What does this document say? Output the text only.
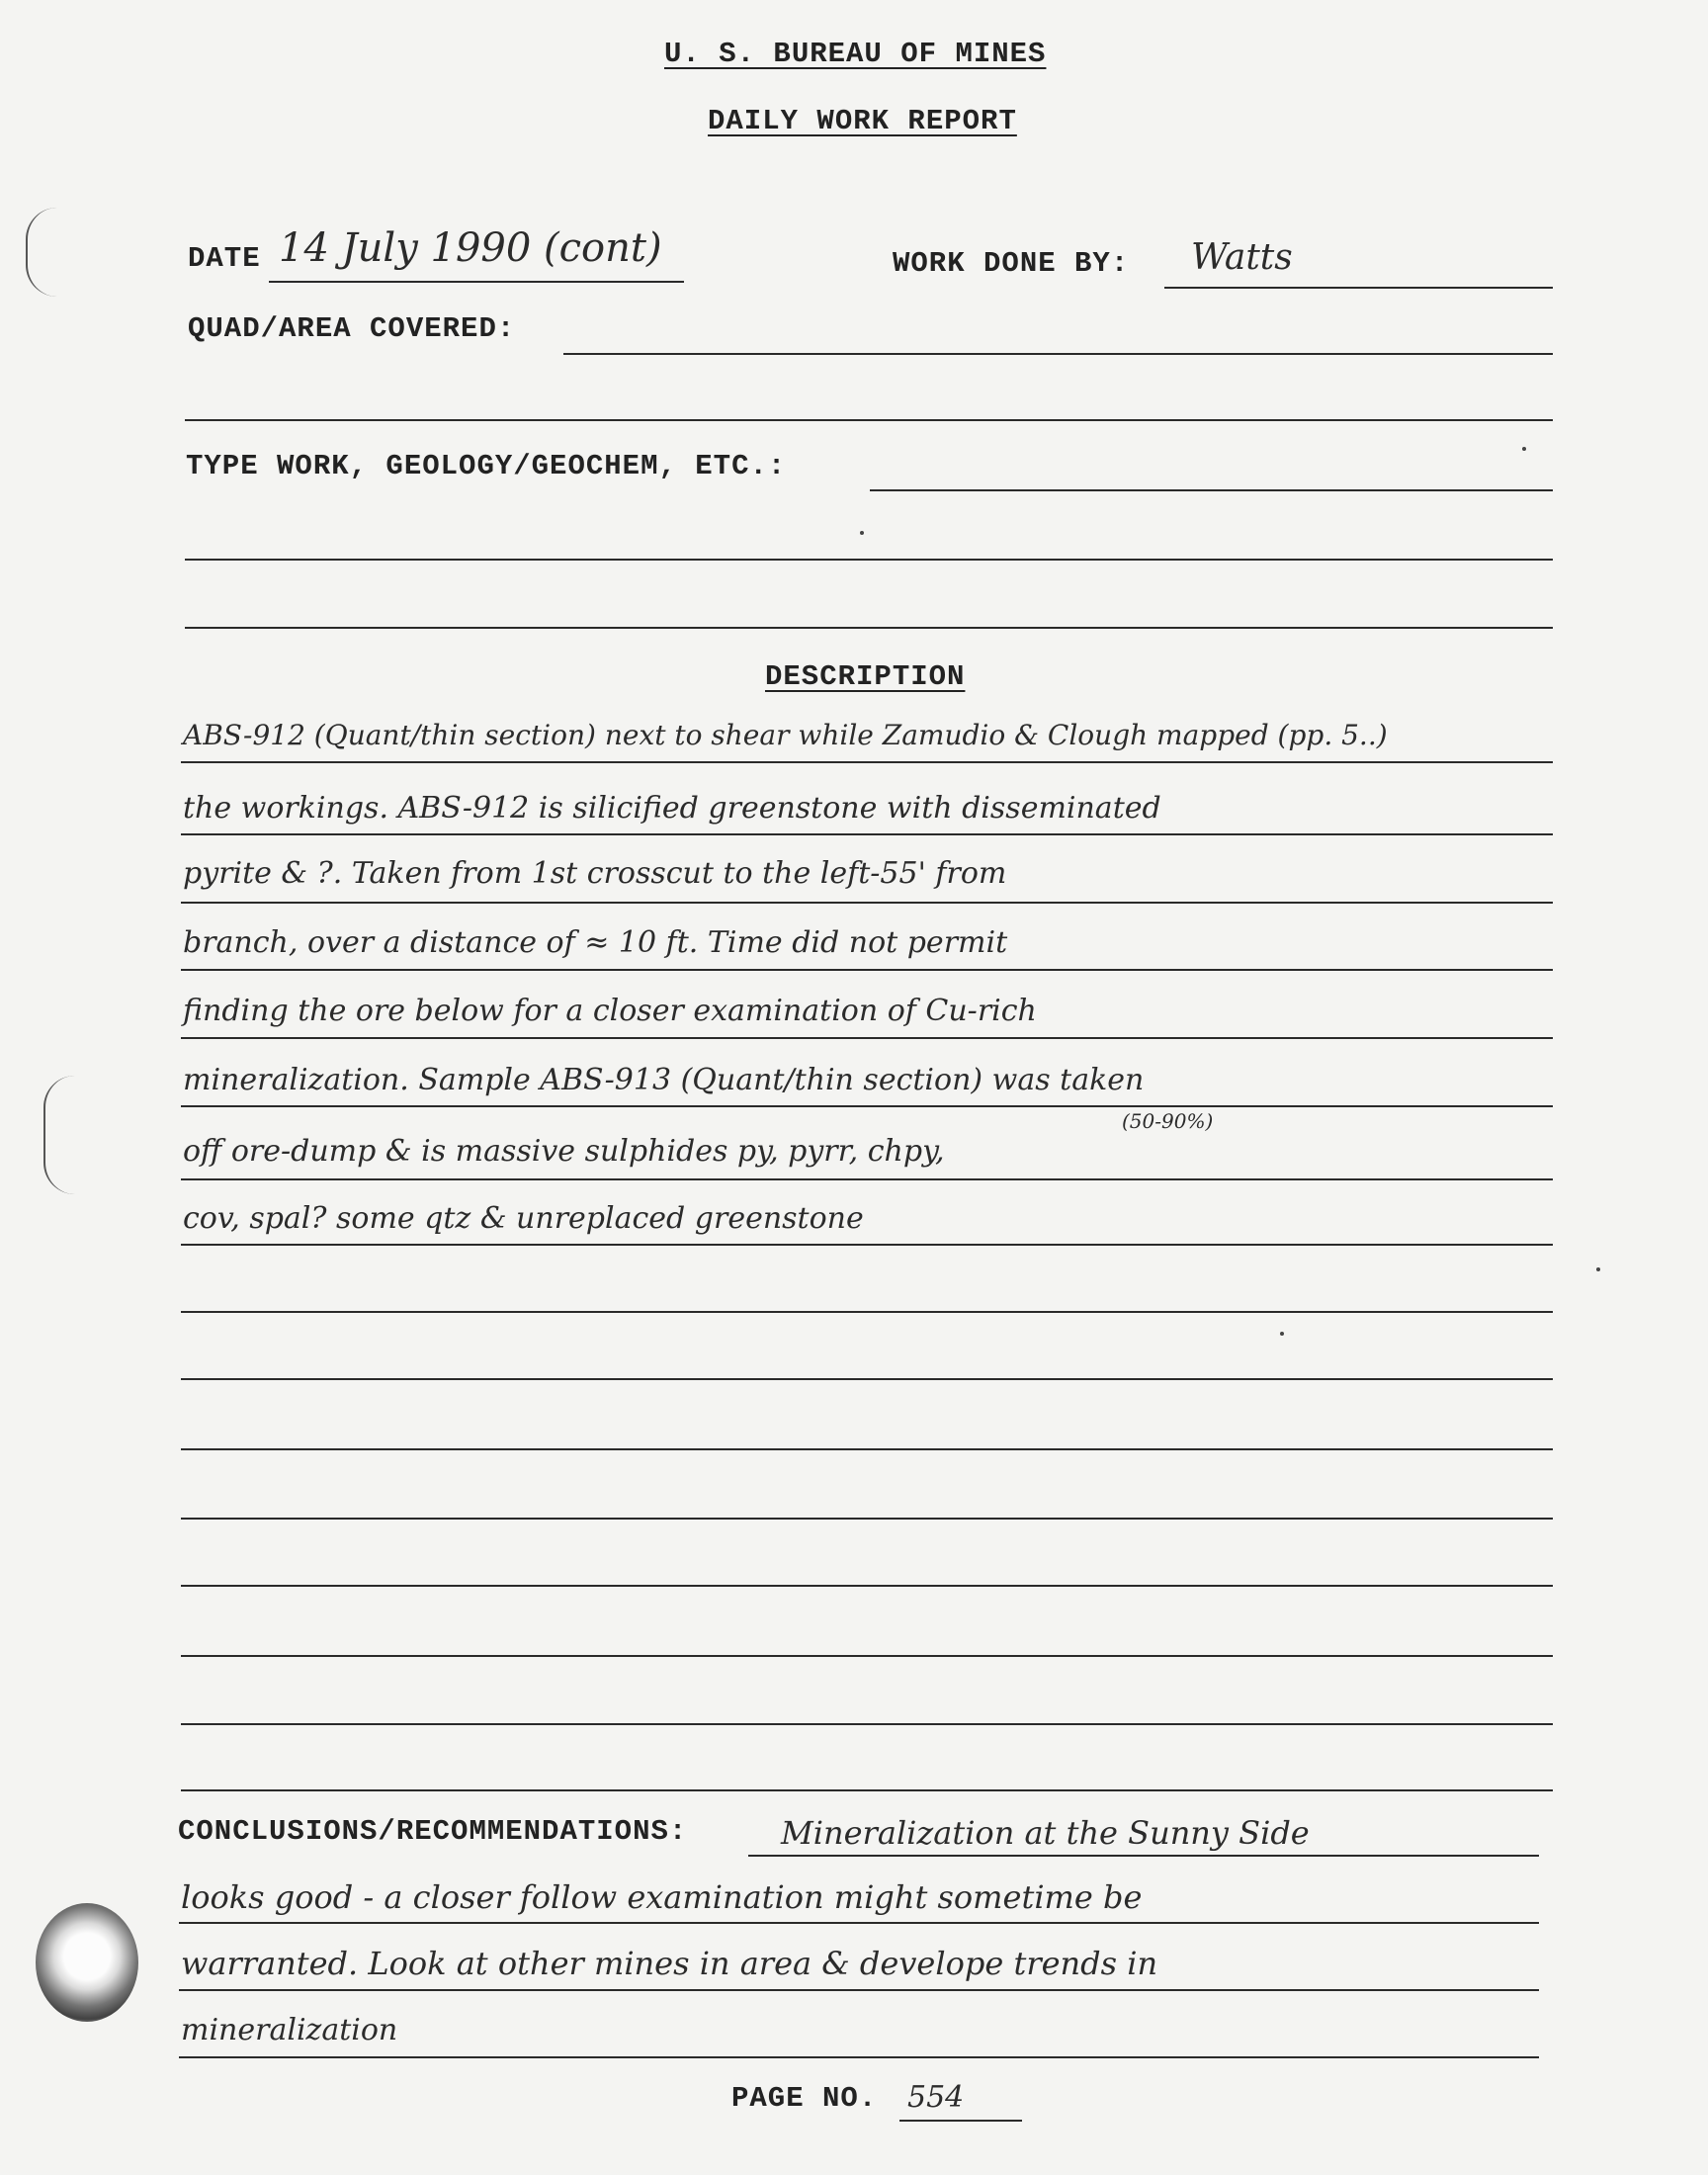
U. S. BUREAU OF MINES
DAILY WORK REPORT
DATE 14 July 1990 (cont)	WORK DONE BY: Watts
QUAD/AREA COVERED:
TYPE WORK, GEOLOGY/GEOCHEM, ETC.:
DESCRIPTION
ABS-912 (Quant/thin section) next to shear while Zamudio & Clough mapped (pp. 5..)
the workings. ABS-912 is silicified greenstone with disseminated
pyrite & ?. Taken from 1st crosscut to the left-55' from
branch, over a distance of ≈ 10 ft. Time did not permit
finding the ore below for a closer examination of Cu-rich
mineralization. Sample ABS-913 (Quant/thin section) was taken
(50-90%)
off ore-dump & is massive sulphides py, pyrr, chpy,
cov, spal? some qtz & unreplaced greenstone
CONCLUSIONS/RECOMMENDATIONS:	Mineralization at the Sunny Side
looks good - a closer follow examination might sometime be
warranted. Look at other mines in area & develope trends in
mineralization
PAGE NO. 554
